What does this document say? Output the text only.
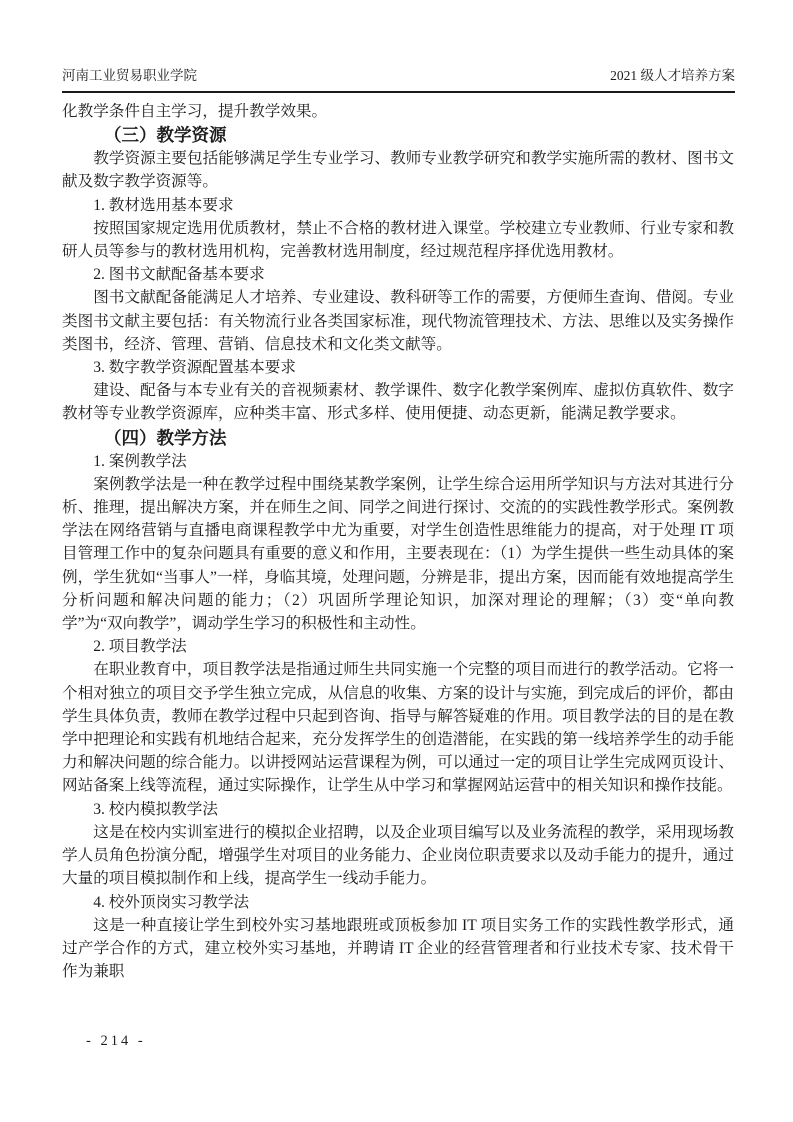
河南工业贸易职业学院	2021 级人才培养方案

化教学条件自主学习，提升教学效果。

（三）教学资源

教学资源主要包括能够满足学生专业学习、教师专业教学研究和教学实施所需的教材、图书文献及数字教学资源等。

1. 教材选用基本要求

按照国家规定选用优质教材，禁止不合格的教材进入课堂。学校建立专业教师、行业专家和教研人员等参与的教材选用机构，完善教材选用制度，经过规范程序择优选用教材。

2. 图书文献配备基本要求

图书文献配备能满足人才培养、专业建设、教科研等工作的需要，方便师生查询、借阅。专业类图书文献主要包括：有关物流行业各类国家标准，现代物流管理技术、方法、思维以及实务操作类图书，经济、管理、营销、信息技术和文化类文献等。

3. 数字教学资源配置基本要求

建设、配备与本专业有关的音视频素材、教学课件、数字化教学案例库、虚拟仿真软件、数字教材等专业教学资源库，应种类丰富、形式多样、使用便捷、动态更新，能满足教学要求。

（四）教学方法

1. 案例教学法

案例教学法是一种在教学过程中围绕某教学案例，让学生综合运用所学知识与方法对其进行分析、推理，提出解决方案，并在师生之间、同学之间进行探讨、交流的的实践性教学形式。案例教学法在网络营销与直播电商课程教学中尤为重要，对学生创造性思维能力的提高，对于处理 IT 项目管理工作中的复杂问题具有重要的意义和作用，主要表现在：（1）为学生提供一些生动具体的案例，学生犹如“当事人”一样，身临其境，处理问题，分辨是非，提出方案，因而能有效地提高学生分析问题和解决问题的能力；（2）巩固所学理论知识，加深对理论的理解；（3）变“单向教学”为“双向教学”，调动学生学习的积极性和主动性。

2. 项目教学法

在职业教育中，项目教学法是指通过师生共同实施一个完整的项目而进行的教学活动。它将一个相对独立的项目交予学生独立完成，从信息的收集、方案的设计与实施，到完成后的评价，都由学生具体负责，教师在教学过程中只起到咨询、指导与解答疑难的作用。项目教学法的目的是在教学中把理论和实践有机地结合起来，充分发挥学生的创造潜能，在实践的第一线培养学生的动手能力和解决问题的综合能力。以讲授网站运营课程为例，可以通过一定的项目让学生完成网页设计、网站备案上线等流程，通过实际操作，让学生从中学习和掌握网站运营中的相关知识和操作技能。

3. 校内模拟教学法

这是在校内实训室进行的模拟企业招聘，以及企业项目编写以及业务流程的教学，采用现场教学人员角色扮演分配，增强学生对项目的业务能力、企业岗位职责要求以及动手能力的提升，通过大量的项目模拟制作和上线，提高学生一线动手能力。

4. 校外顶岗实习教学法

这是一种直接让学生到校外实习基地跟班或顶板参加 IT 项目实务工作的实践性教学形式，通过产学合作的方式，建立校外实习基地，并聘请 IT 企业的经营管理者和行业技术专家、技术骨干作为兼职

- 214 -
